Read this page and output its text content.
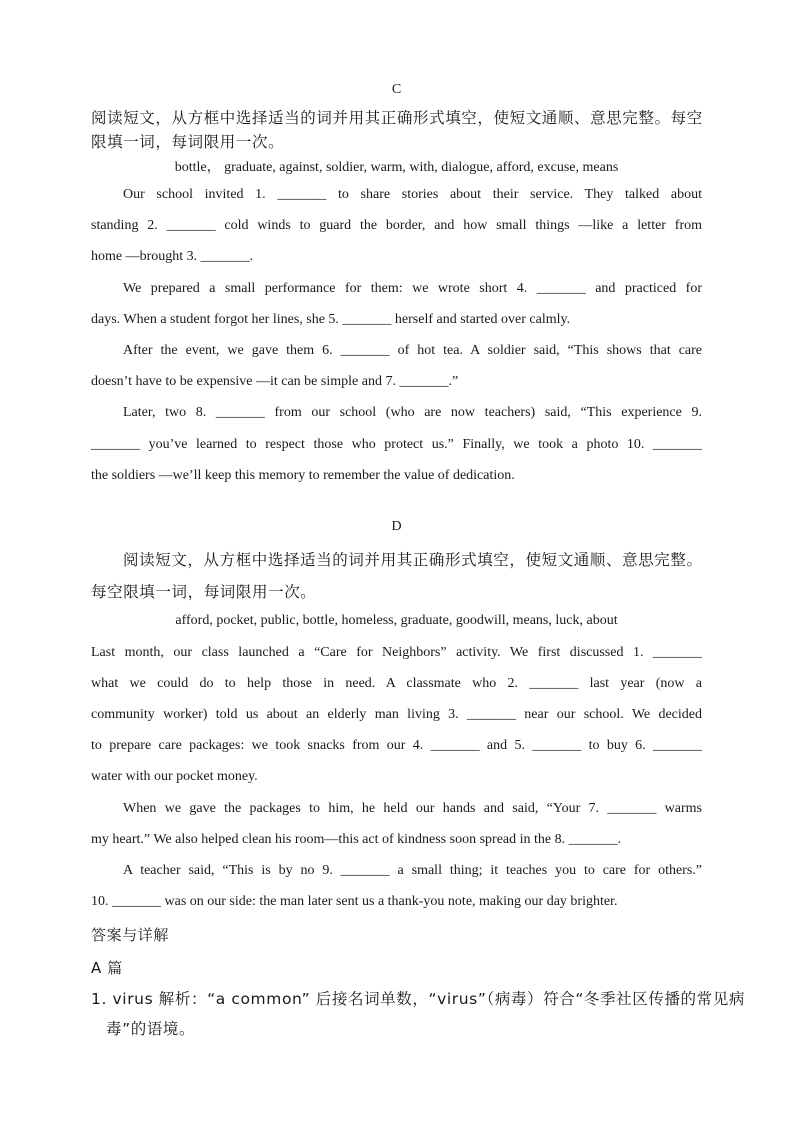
C
阅读短文，从方框中选择适当的词并用其正确形式填空，使短文通顺、意思完整。每空
限填一词，每词限用一次。
bottle， graduate, against, soldier, warm, with, dialogue, afford, excuse, means
Our school invited 1. _______ to share stories about their service. They talked about
standing 2. _______ cold winds to guard the border, and how small things —like a letter from
home —brought 3. _______.
We prepared a small performance for them: we wrote short 4. _______ and practiced for
days. When a student forgot her lines, she 5. _______ herself and started over calmly.
After the event, we gave them 6. _______ of hot tea. A soldier said, “This shows that care
doesn’t have to be expensive —it can be simple and 7. _______.”
Later, two 8. _______ from our school (who are now teachers) said, “This experience 9.
_______ you’ve learned to respect those who protect us.” Finally, we took a photo 10. _______
the soldiers —we’ll keep this memory to remember the value of dedication.
D
阅读短文，从方框中选择适当的词并用其正确形式填空，使短文通顺、意思完整。
每空限填一词，每词限用一次。
afford, pocket, public, bottle, homeless, graduate, goodwill, means, luck, about
Last month, our class launched a “Care for Neighbors” activity. We first discussed 1. _______
what we could do to help those in need. A classmate who 2. _______ last year (now a
community worker) told us about an elderly man living 3. _______ near our school. We decided
to prepare care packages: we took snacks from our 4. _______ and 5. _______ to buy 6. _______
water with our pocket money.
When we gave the packages to him, he held our hands and said, “Your 7. _______ warms
my heart.” We also helped clean his room—this act of kindness soon spread in the 8. _______.
A teacher said, “This is by no 9. _______ a small thing; it teaches you to care for others.”
10. _______ was on our side: the man later sent us a thank-you note, making our day brighter.
答案与详解
A 篇
1. virus 解析：“a common” 后接名词单数，“virus”（病毒）符合“冬季社区传播的常见病
毒”的语境。
